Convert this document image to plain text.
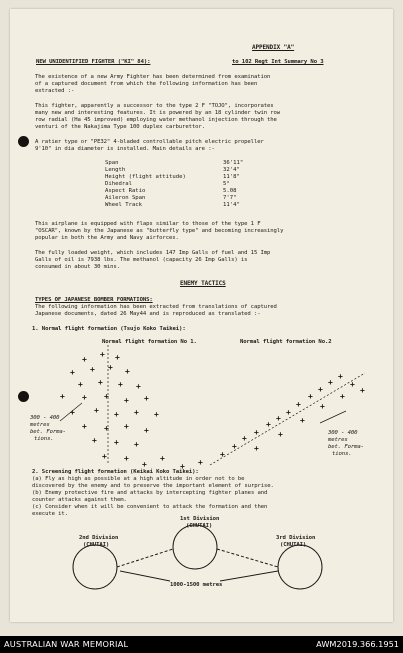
APPENDIX "A"
NEW UNIDENTIFIED FIGHTER ("KI" 84):	to 102 Regt Int Summary No 3
The existence of a new Army Fighter has been determined from examination
of a captured document from which the following information has been
extracted :-
This fighter, apparently a successor to the type 2 F "TOJO", incorporates
many new and interesting features. It is powered by an 18 cylinder twin row
row radial (Ha 45 improved) employing water methanol injection through the
venturi of the Nakajima Type 100 duplex carburettor.
A ratier type or "PE32" 4-bladed controllable pitch electric propeller
9'10" in dia diameter is installed. Main details are :-
Span	36'11"
Length	32'4"
Height (flight attitude)	11'8"
Dihedral	5°
Aspect Ratio	5.08
Aileron Span	7'7"
Wheel Track	11'4"
This airplane is equipped with flaps similar to those of the type 1 F
"OSCAR", known by the Japanese as "butterfly type" and becoming increasingly
popular in both the Army and Navy airforces.
The fully loaded weight, which includes 147 Imp Galls of fuel and 15 Imp
Galls of oil is 7938 lbs. The methanol (capacity 26 Imp Galls) is
consumed in about 30 mins.
ENEMY TACTICS
TYPES OF JAPANESE BOMBER FORMATIONS:
The following information has been extracted from translations of captured
Japanese documents, dated 26 May44 and is reproduced as translated :-
1. Normal flight formation (Tsujo Koko Taikei):
+
+ +
+ + + +
+ + + +
+ + + + +
+ + + + +
+ + + +
+ + +
+ +	+
+
+
+
+
+
+
+
+
+
+
+
+
+
+
+
+
+
+
+ +
+
+
Normal flight formation No 1.	Normal flight formation No.2
300 - 400
metres
bet. Forma-
tions.
300 - 400
metres
bet. Forma-
tions.
2. Screening flight formation (Keikai Koko Taikei):
(a) Fly as high as possible at a high altitude in order not to be
discovered by the enemy and to preserve the important element of surprise.
(b) Enemy protective fire and attacks by intercepting fighter planes and
counter attacks against them.
(c) Consider when it will be convenient to attack the formation and then
execute it.
1st Division
(CHUTAI)
2nd Division
(CHUTAI)
3rd Division
(CHUTAI)
1000-1500 metres
AUSTRALIAN WAR MEMORIAL	AWM2019.366.1951
